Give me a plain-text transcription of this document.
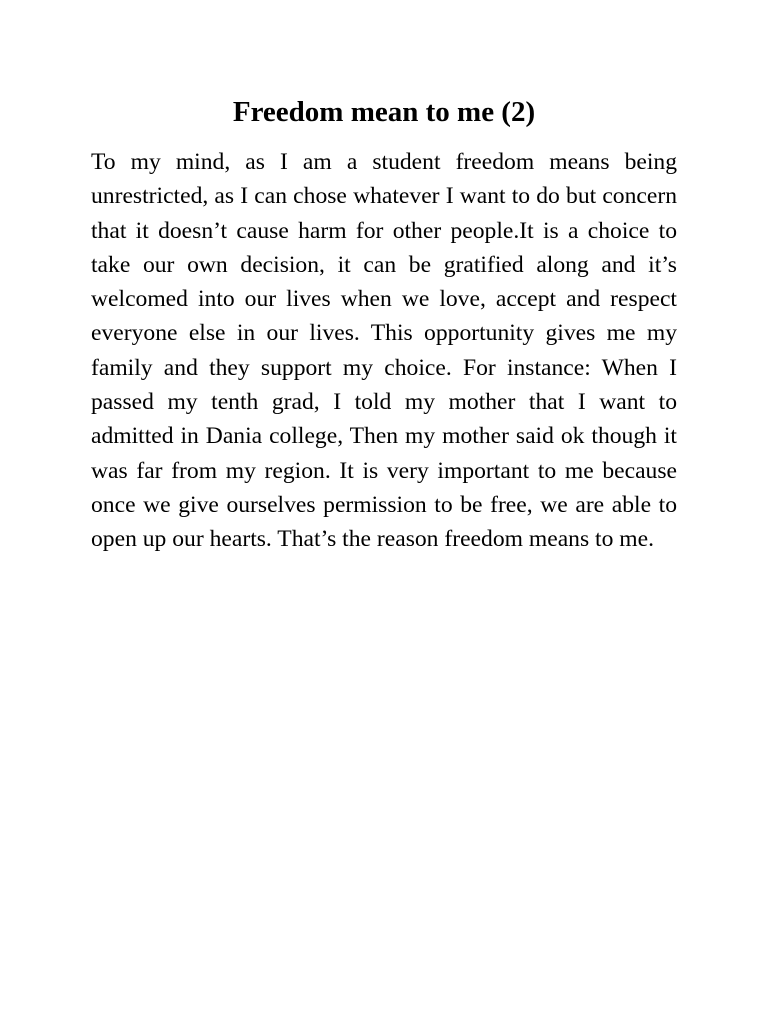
Freedom mean to me (2)

To my mind, as I am a student freedom means being unrestricted, as I can chose whatever I want to do but concern that it doesn’t cause harm for other people.It is a choice to take our own decision, it can be gratified along and it’s welcomed into our lives when we love, accept and respect everyone else in our lives. This opportunity gives me my family and they support my choice. For instance: When I passed my tenth grad, I told my mother that I want to admitted in Dania college, Then my mother said ok though it was far from my region. It is very important to me because once we give ourselves permission to be free, we are able to open up our hearts. That’s the reason freedom means to me.
